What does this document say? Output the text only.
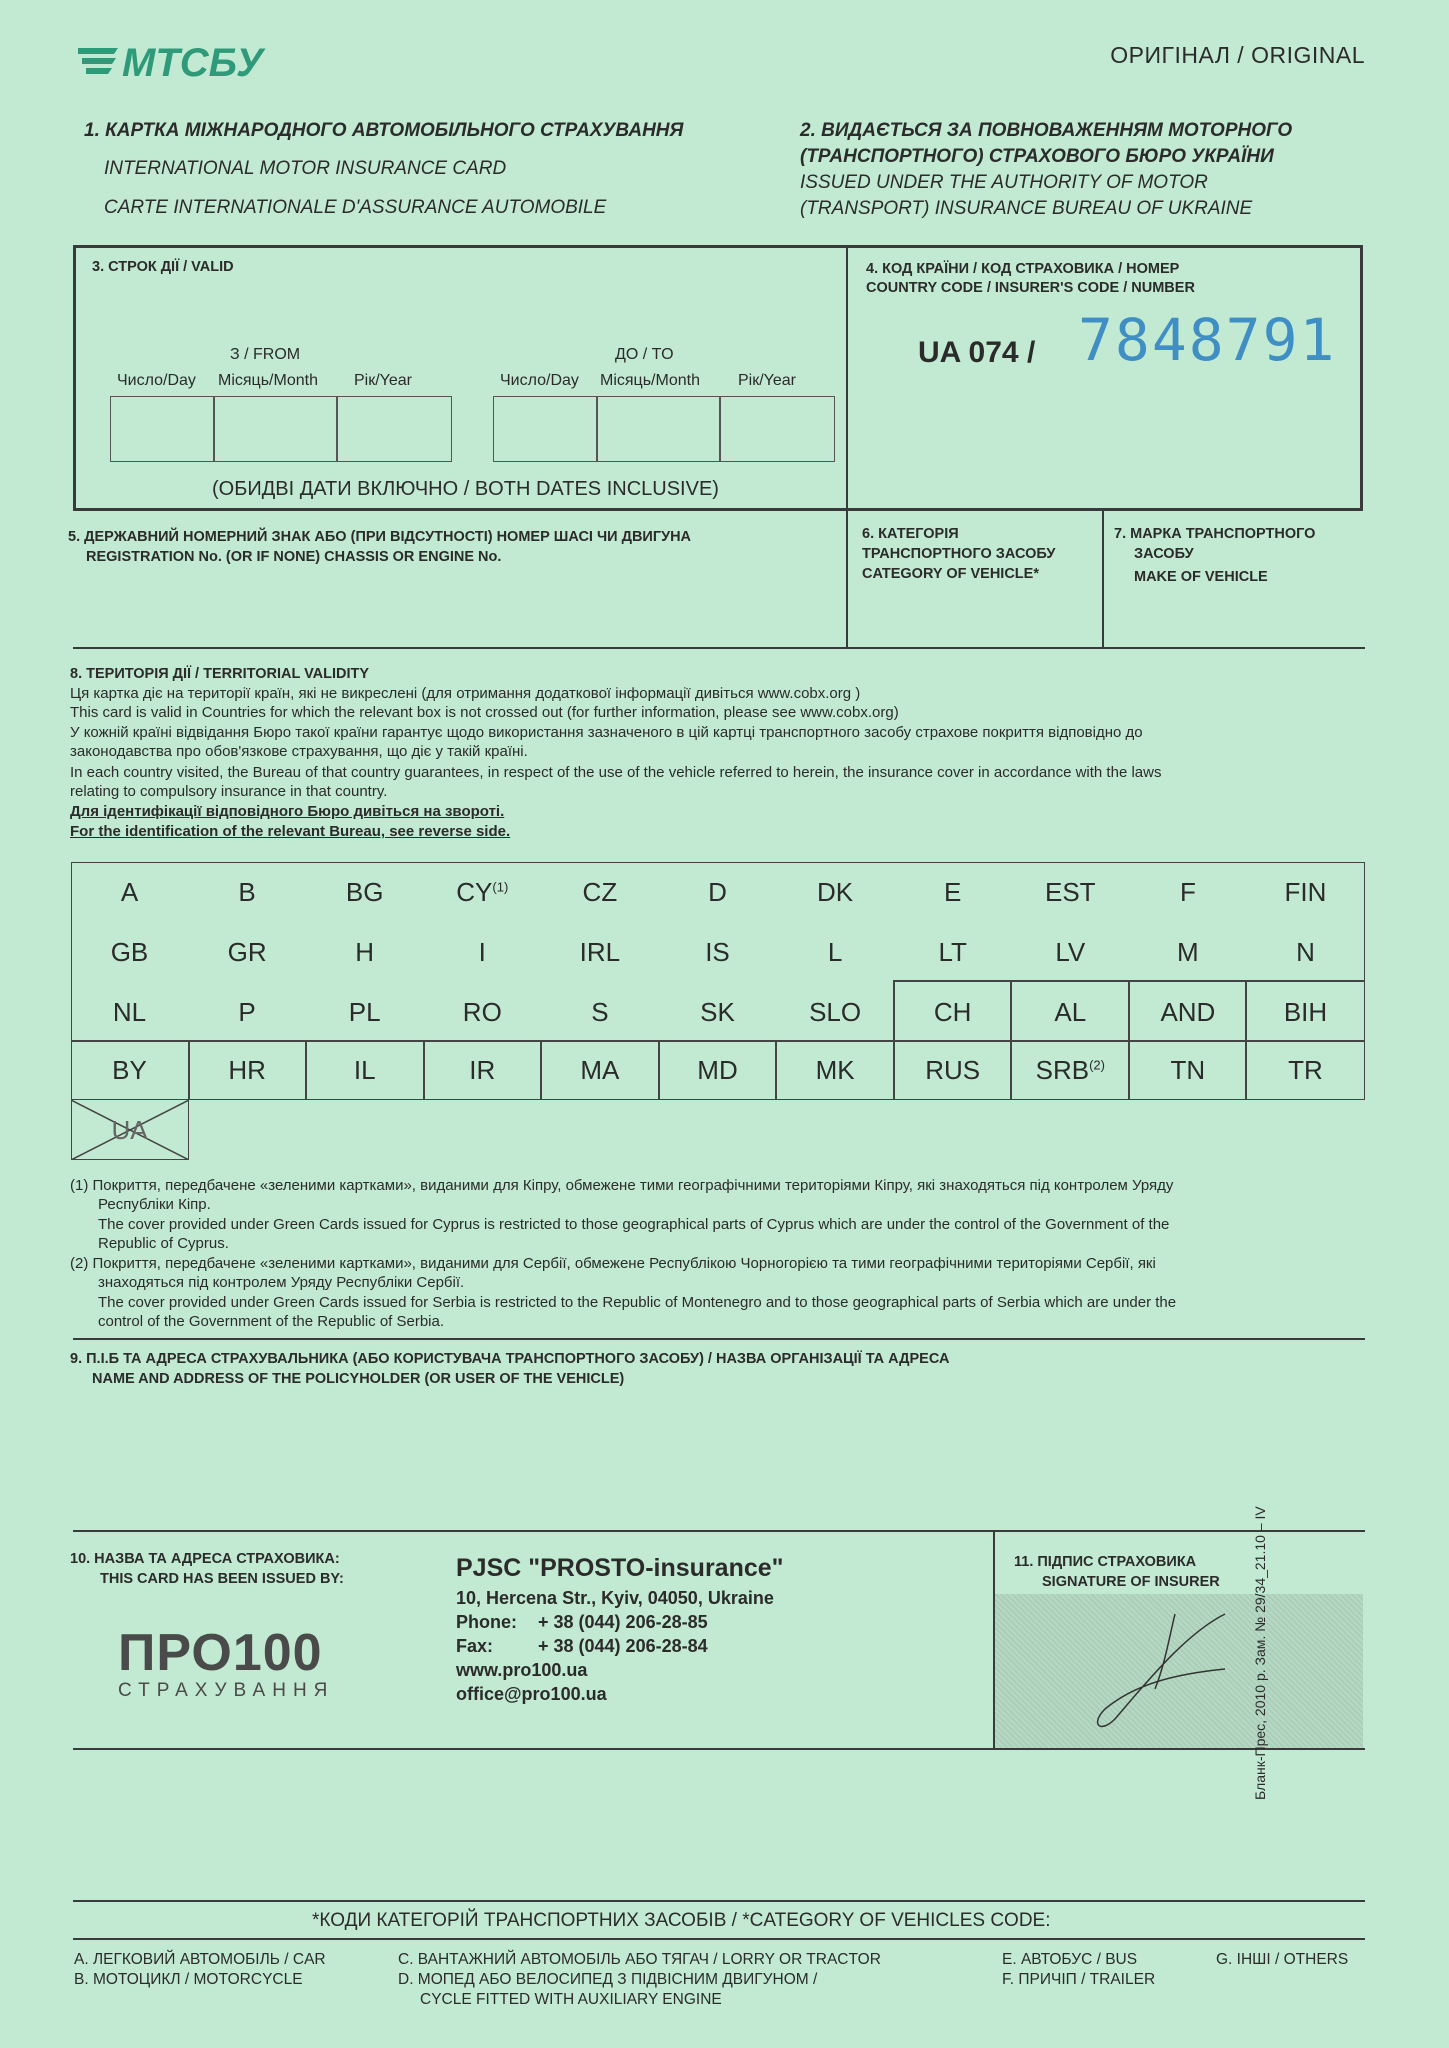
МТСБУ	ОРИГІНАЛ / ORIGINAL
1. КАРТКА МІЖНАРОДНОГО АВТОМОБІЛЬНОГО СТРАХУВАННЯ
INTERNATIONAL MOTOR INSURANCE CARD
CARTE INTERNATIONALE D'ASSURANCE AUTOMOBILE
2. ВИДАЄТЬСЯ ЗА ПОВНОВАЖЕННЯМ МОТОРНОГО
(ТРАНСПОРТНОГО) СТРАХОВОГО БЮРО УКРАЇНИ
ISSUED UNDER THE AUTHORITY OF MOTOR
(TRANSPORT) INSURANCE BUREAU OF UKRAINE
3. СТРОК ДІЇ / VALID
З / FROM	ДО / TO
Число/Day Місяць/Month Рік/Year	Число/Day Місяць/Month Рік/Year
(ОБИДВІ ДАТИ ВКЛЮЧНО / BOTH DATES INCLUSIVE)
4. КОД КРАЇНИ / КОД СТРАХОВИКА / НОМЕР
COUNTRY CODE / INSURER'S CODE / NUMBER
UA 074 / 7848791
5. ДЕРЖАВНИЙ НОМЕРНИЙ ЗНАК АБО (ПРИ ВІДСУТНОСТІ) НОМЕР ШАСІ ЧИ ДВИГУНА
REGISTRATION No. (OR IF NONE) CHASSIS OR ENGINE No.
6. КАТЕГОРІЯ
ТРАНСПОРТНОГО ЗАСОБУ
CATEGORY OF VEHICLE*
7. МАРКА ТРАНСПОРТНОГО
ЗАСОБУ
MAKE OF VEHICLE
8. ТЕРИТОРІЯ ДІЇ / TERRITORIAL VALIDITY
Ця картка діє на території країн, які не викреслені (для отримання додаткової інформації дивіться www.cobx.org )
This card is valid in Countries for which the relevant box is not crossed out (for further information, please see www.cobx.org)
У кожній країні відвідання Бюро такої країни гарантує щодо використання зазначеного в цій картці транспортного засобу страхове покриття відповідно до
законодавства про обов'язкове страхування, що діє у такій країні.
In each country visited, the Bureau of that country guarantees, in respect of the use of the vehicle referred to herein, the insurance cover in accordance with the laws
relating to compulsory insurance in that country.
Для ідентифікації відповідного Бюро дивіться на звороті.
For the identification of the relevant Bureau, see reverse side.
A	B	BG	CY$^{(1)}$	CZ	D	DK	E	EST	F	FIN
GB	GR	H	I	IRL	IS	L	LT	LV	M	N
NL	P	PL	RO	S	SK	SLO	CH	AL	AND	BIH
BY	HR	IL	IR	MA	MD	MK	RUS	SRB$^{(2)}$	TN	TR
UA
(1) Покриття, передбачене «зеленими картками», виданими для Кіпру, обмежене тими географічними територіями Кіпру, які знаходяться під контролем Уряду
Республіки Кіпр.
The cover provided under Green Cards issued for Cyprus is restricted to those geographical parts of Cyprus which are under the control of the Government of the
Republic of Cyprus.
(2) Покриття, передбачене «зеленими картками», виданими для Сербії, обмежене Республікою Чорногорією та тими географічними територіями Сербії, які
знаходяться під контролем Уряду Республіки Сербії.
The cover provided under Green Cards issued for Serbia is restricted to the Republic of Montenegro and to those geographical parts of Serbia which are under the
control of the Government of the Republic of Serbia.
9. П.І.Б ТА АДРЕСА СТРАХУВАЛЬНИКА (АБО КОРИСТУВАЧА ТРАНСПОРТНОГО ЗАСОБУ) / НАЗВА ОРГАНІЗАЦІЇ ТА АДРЕСА
NAME AND ADDRESS OF THE POLICYHOLDER (OR USER OF THE VEHICLE)
10. НАЗВА ТА АДРЕСА СТРАХОВИКА:
THIS CARD HAS BEEN ISSUED BY:
ПРО100
СТРАХУВАННЯ
PJSC "PROSTO-insurance"
10, Hercena Str., Kyiv, 04050, Ukraine
Phone: + 38 (044) 206-28-85
Fax: + 38 (044) 206-28-84
www.pro100.ua
office@pro100.ua
11. ПІДПИС СТРАХОВИКА
SIGNATURE OF INSURER
*КОДИ КАТЕГОРІЙ ТРАНСПОРТНИХ ЗАСОБІВ / *CATEGORY OF VEHICLES CODE:
A. ЛЕГКОВИЙ АВТОМОБІЛЬ / CAR
B. МОТОЦИКЛ / MOTORCYCLE
C. ВАНТАЖНИЙ АВТОМОБІЛЬ АБО ТЯГАЧ / LORRY OR TRACTOR
D. МОПЕД АБО ВЕЛОСИПЕД З ПІДВІСНИМ ДВИГУНОМ /
CYCLE FITTED WITH AUXILIARY ENGINE
E. АВТОБУС / BUS
F. ПРИЧІП / TRAILER
G. ІНШІ / OTHERS
Бланк-Прес, 2010 р. Зам. № 29/34_21.10 – IV
